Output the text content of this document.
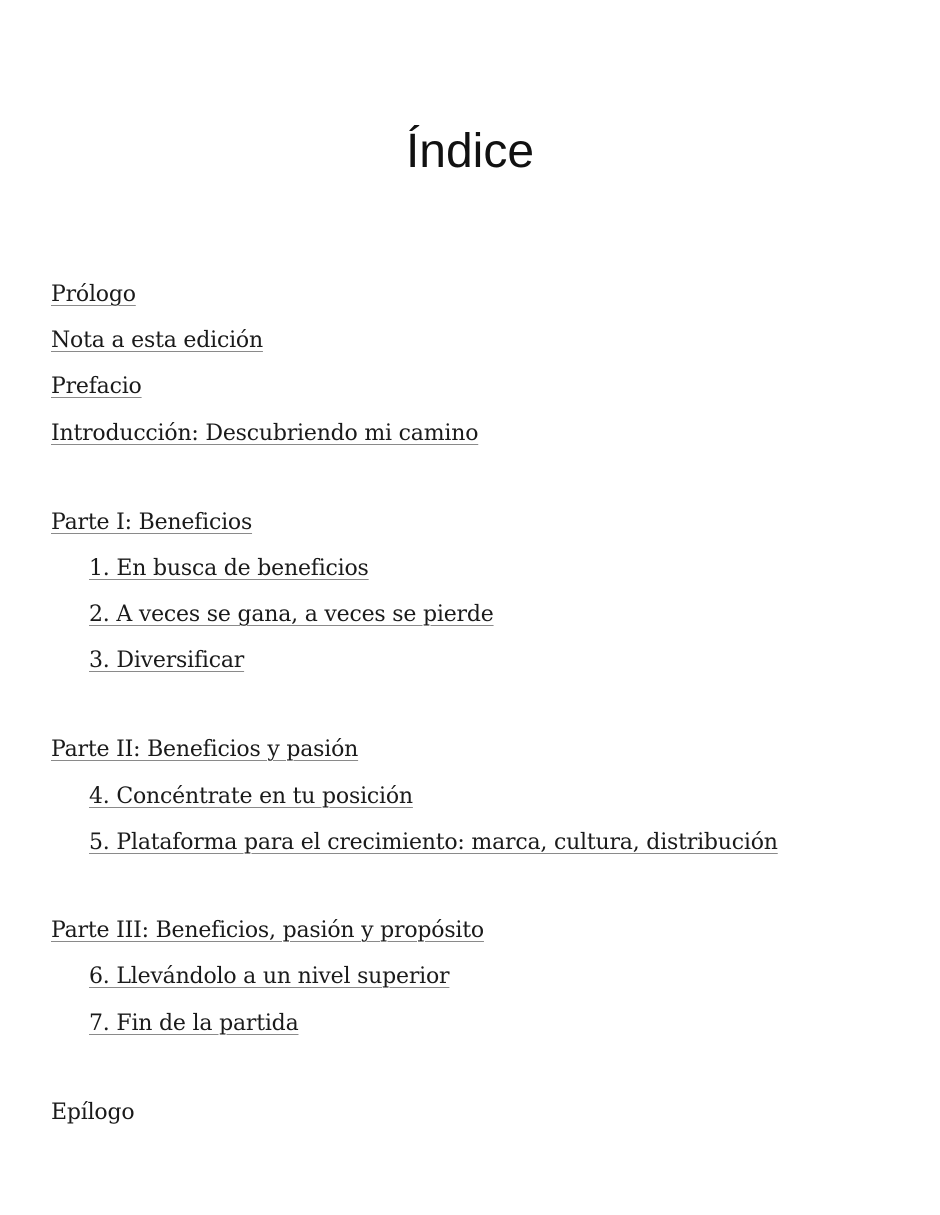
Índice
Prólogo
Nota a esta edición
Prefacio
Introducción: Descubriendo mi camino
Parte I: Beneficios
1. En busca de beneficios
2. A veces se gana, a veces se pierde
3. Diversificar
Parte II: Beneficios y pasión
4. Concéntrate en tu posición
5. Plataforma para el crecimiento: marca, cultura, distribución
Parte III: Beneficios, pasión y propósito
6. Llevándolo a un nivel superior
7. Fin de la partida
Epílogo
